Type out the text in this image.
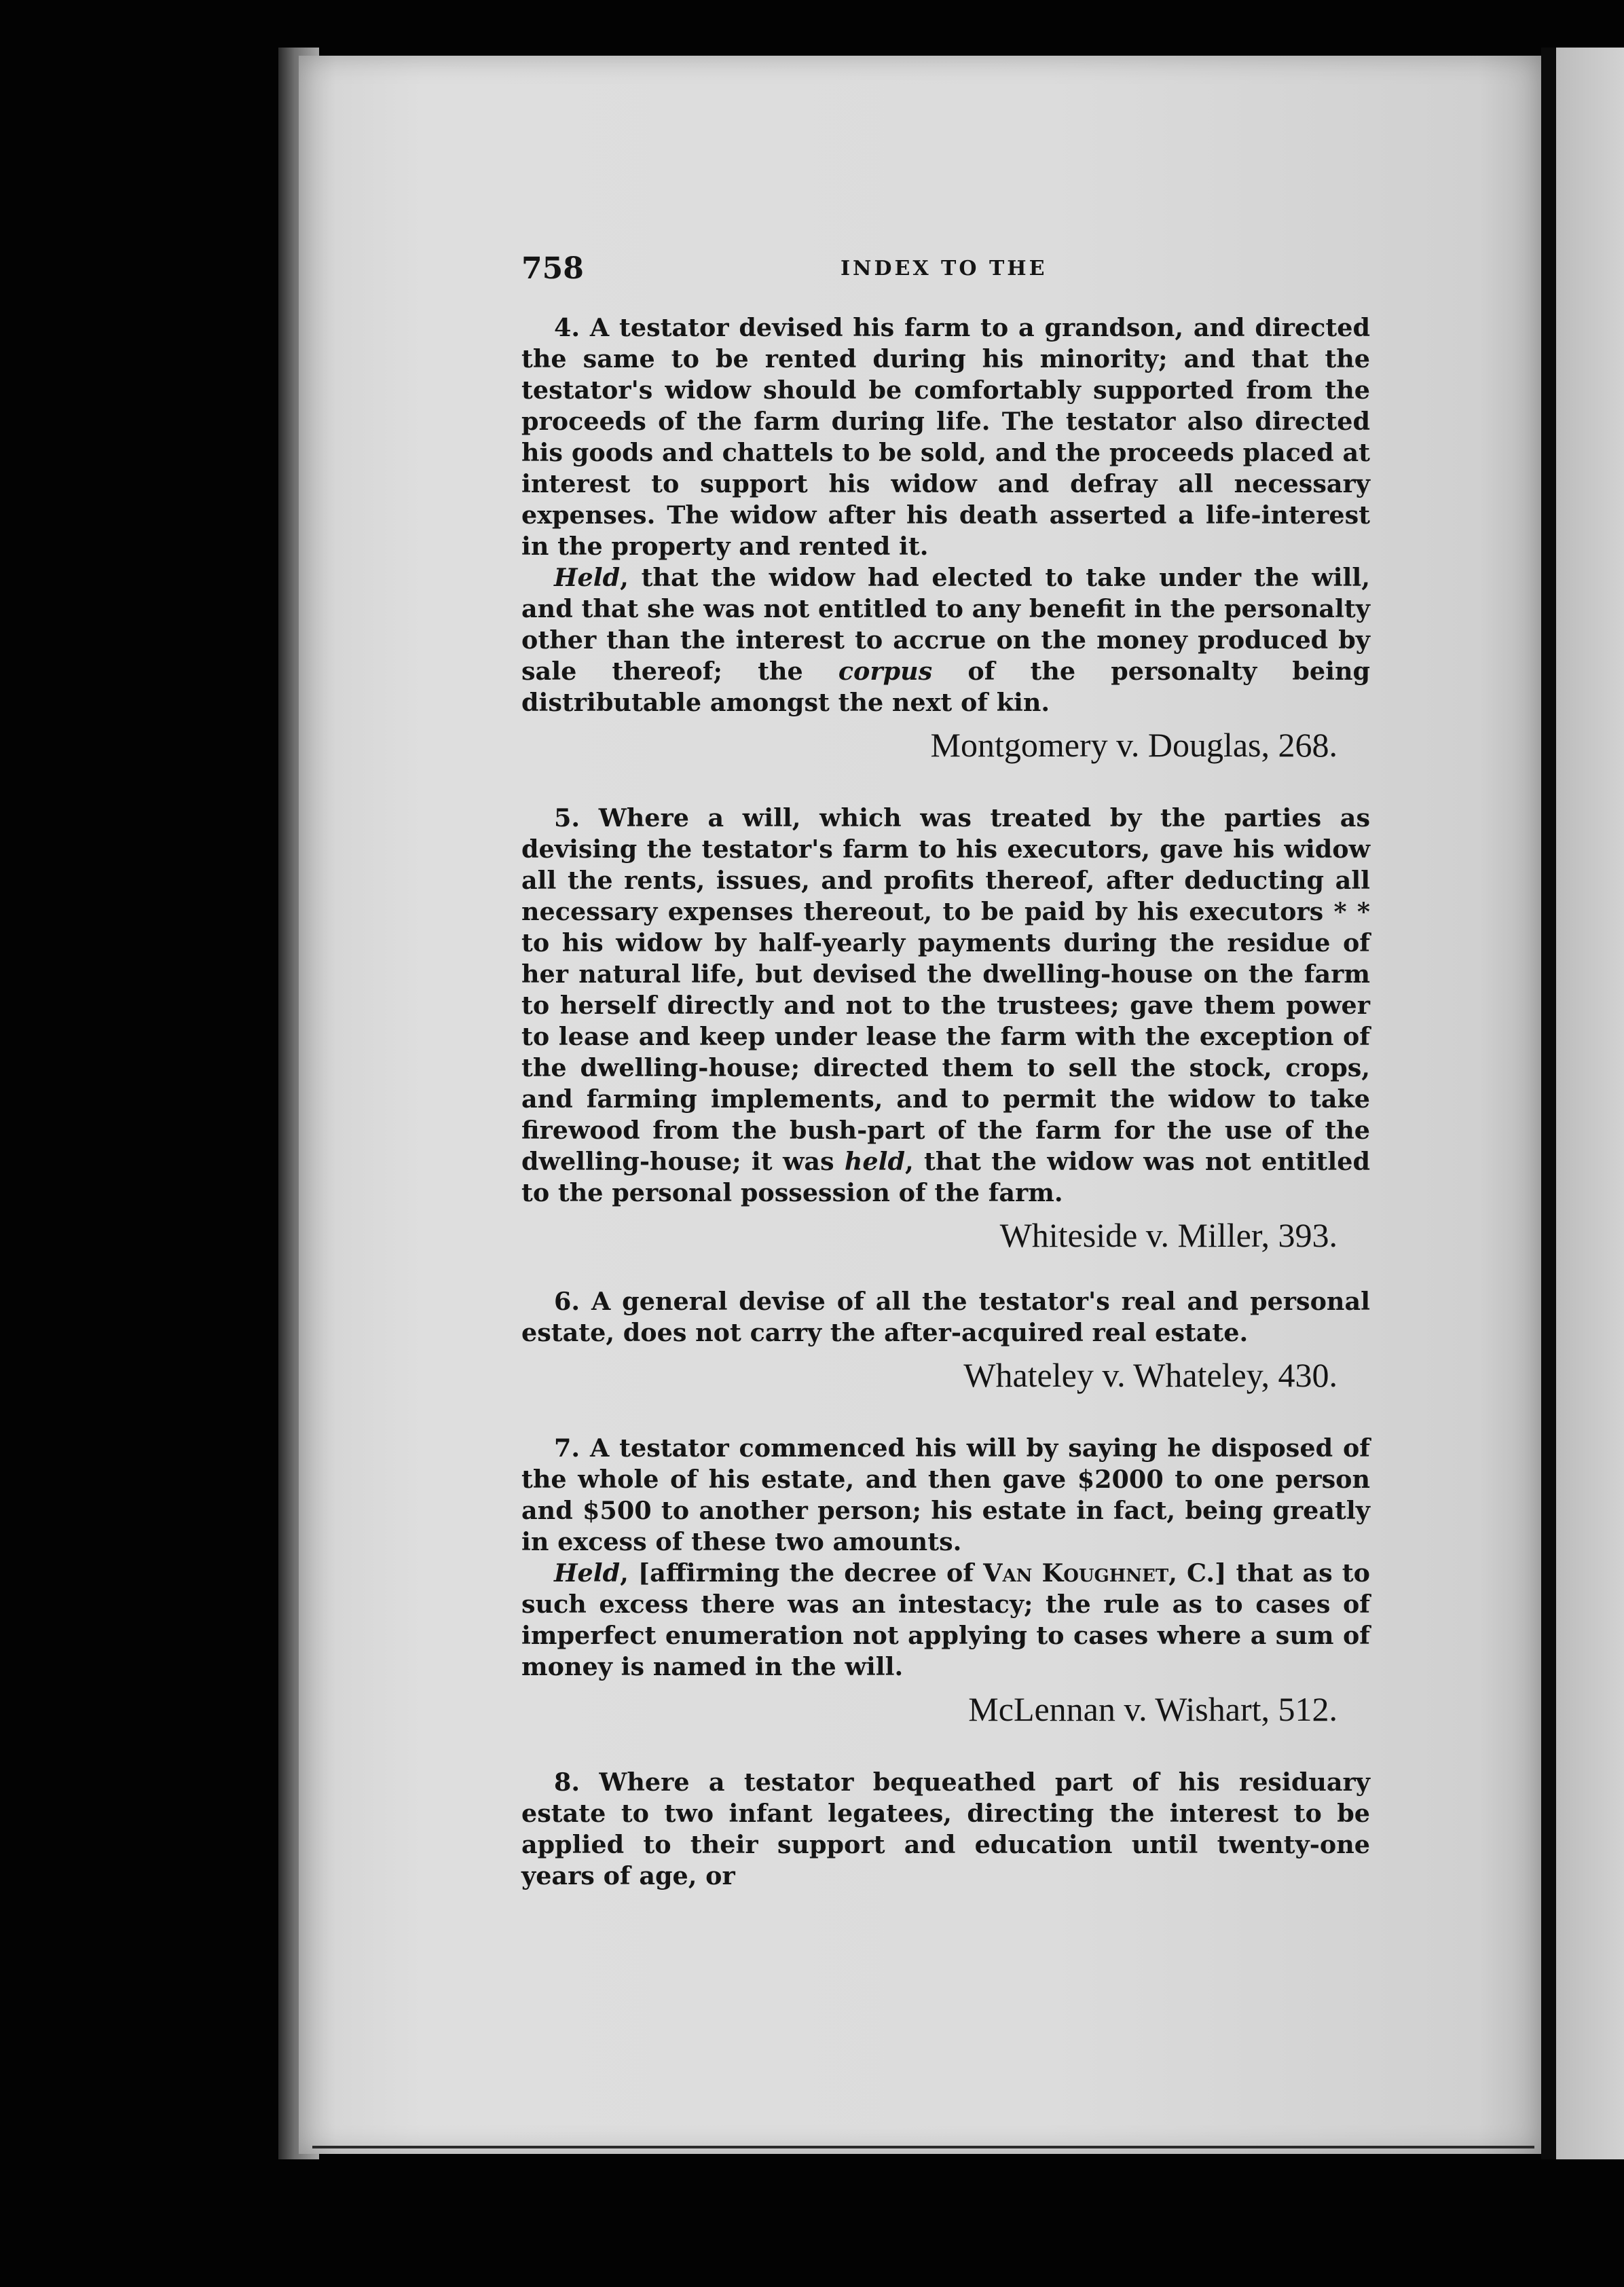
758	INDEX TO THE

4. A testator devised his farm to a grandson, and directed the same to be rented during his minority; and that the testator's widow should be comfortably supported from the proceeds of the farm during life. The testator also directed his goods and chattels to be sold, and the proceeds placed at interest to support his widow and defray all necessary expenses. The widow after his death asserted a life-interest in the property and rented it.

Held, that the widow had elected to take under the will, and that she was not entitled to any benefit in the personalty other than the interest to accrue on the money produced by sale thereof; the corpus of the personalty being distributable amongst the next of kin.

Montgomery v. Douglas, 268.

5. Where a will, which was treated by the parties as devising the testator's farm to his executors, gave his widow all the rents, issues, and profits thereof, after deducting all necessary expenses thereout, to be paid by his executors * * to his widow by half-yearly payments during the residue of her natural life, but devised the dwelling-house on the farm to herself directly and not to the trustees; gave them power to lease and keep under lease the farm with the exception of the dwelling-house; directed them to sell the stock, crops, and farming implements, and to permit the widow to take firewood from the bush-part of the farm for the use of the dwelling-house; it was held, that the widow was not entitled to the personal possession of the farm.

Whiteside v. Miller, 393.

6. A general devise of all the testator's real and personal estate, does not carry the after-acquired real estate.

Whateley v. Whateley, 430.

7. A testator commenced his will by saying he disposed of the whole of his estate, and then gave $2000 to one person and $500 to another person; his estate in fact, being greatly in excess of these two amounts.

Held, [affirming the decree of Van Koughnet, C.] that as to such excess there was an intestacy; the rule as to cases of imperfect enumeration not applying to cases where a sum of money is named in the will.

McLennan v. Wishart, 512.

8. Where a testator bequeathed part of his residuary estate to two infant legatees, directing the interest to be applied to their support and education until twenty-one years of age, or
